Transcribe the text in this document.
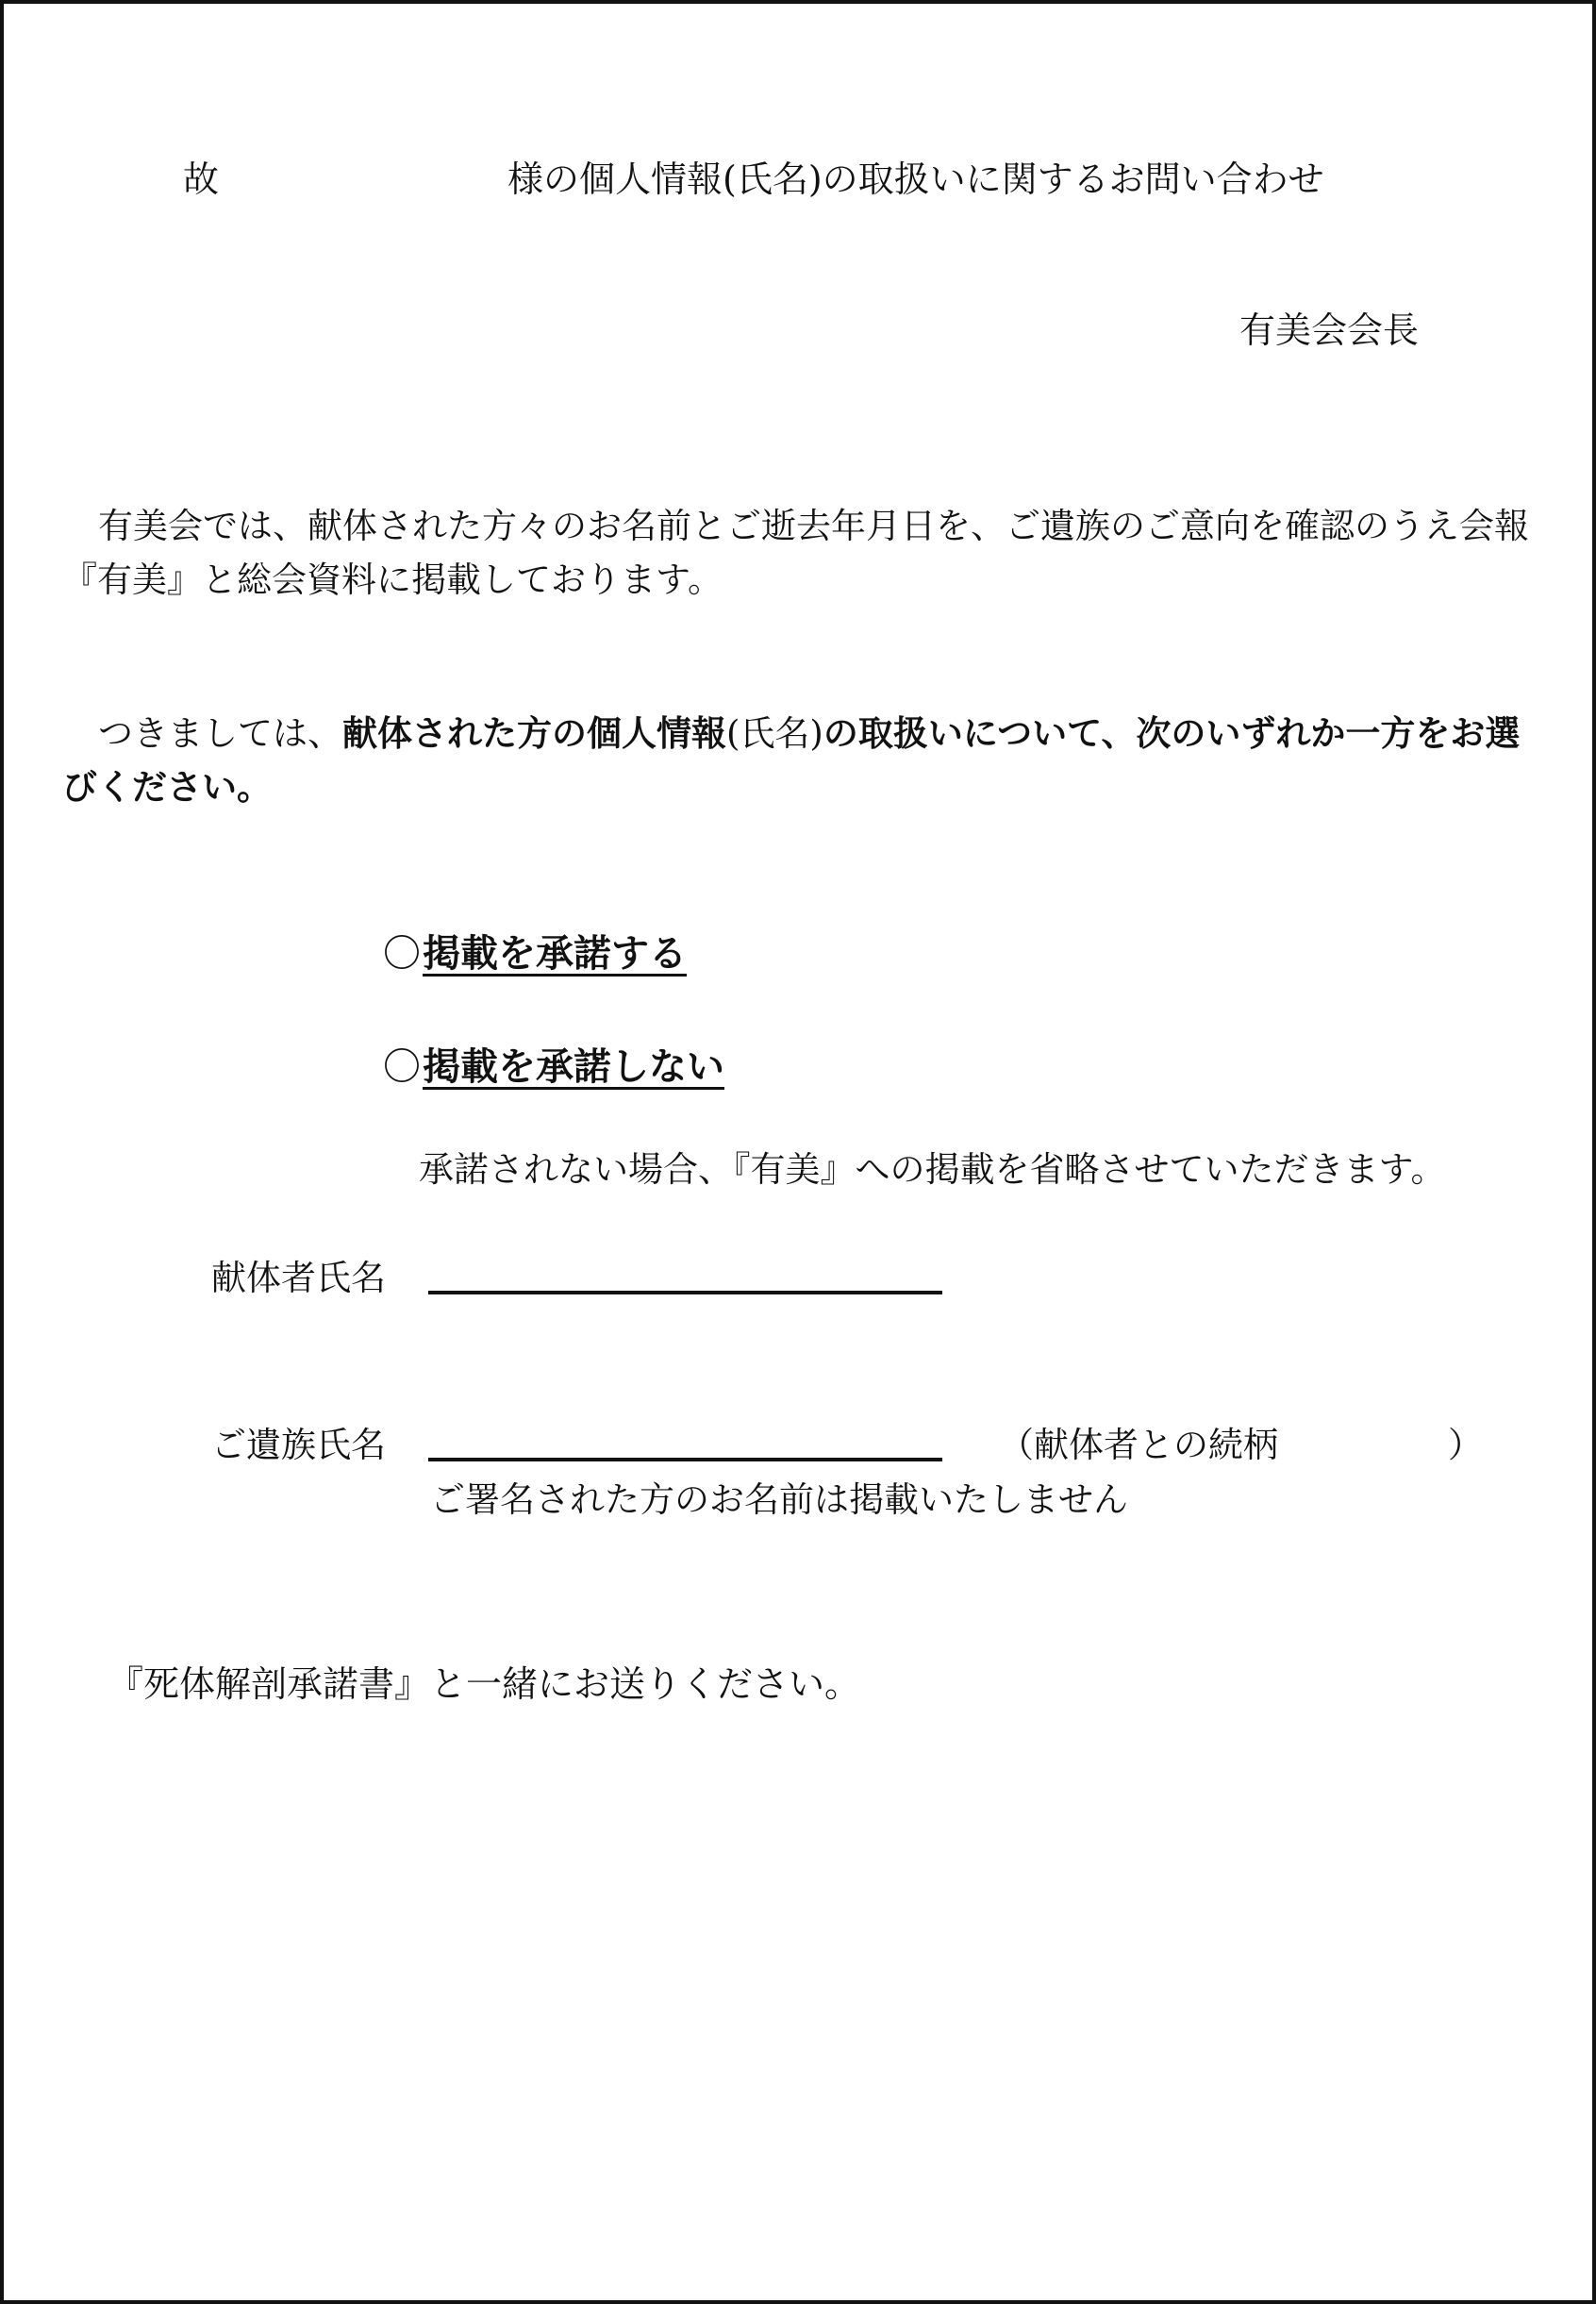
故	様の個人情報(氏名)の取扱いに関するお問い合わせ
有美会会長
有美会では、献体された方々のお名前とご逝去年月日を、ご遺族のご意向を確認のうえ会報『有美』と総会資料に掲載しております。
つきましては、献体された方の個人情報(氏名)の取扱いについて、次のいずれか一方をお選びください。
〇掲載を承諾する
〇掲載を承諾しない
承諾されない場合、『有美』への掲載を省略させていただきます。
献体者氏名
ご遺族氏名	（献体者との続柄	）
ご署名された方のお名前は掲載いたしません
『死体解剖承諾書』と一緒にお送りください。
